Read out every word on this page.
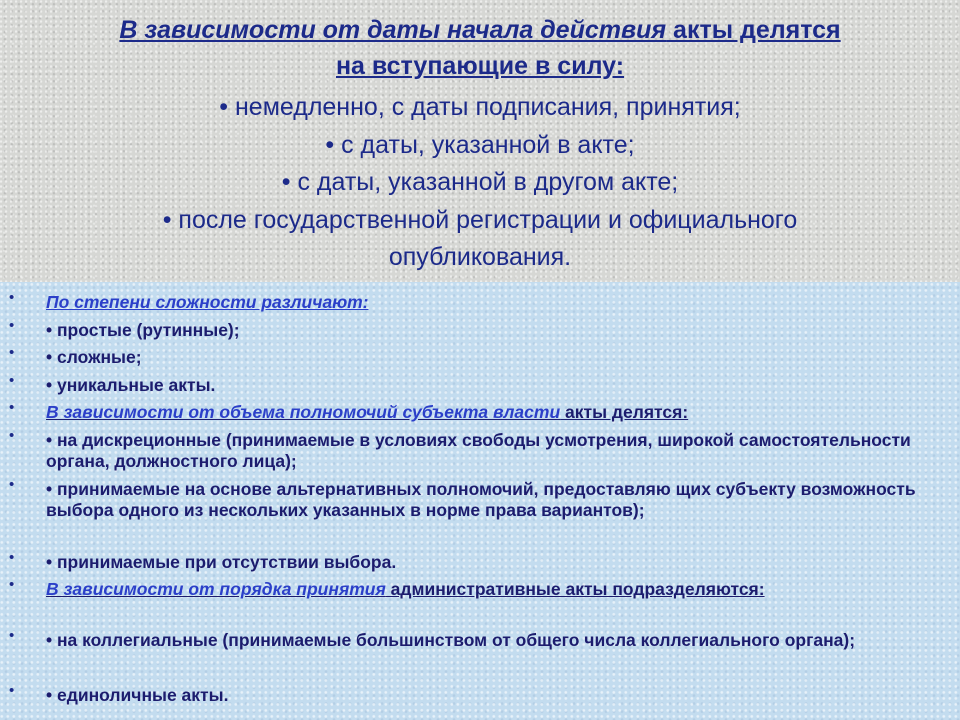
В зависимости от даты начала действия акты делятся
на вступающие в силу:
• немедленно, с даты подписания, принятия;
• с даты, указанной в акте;
• с даты, указанной в другом акте;
• после государственной регистрации и официального
опубликования.
• По степени сложности различают:
• • простые (рутинные);
• • сложные;
• • уникальные акты.
• В зависимости от объема полномочий субъекта власти акты делятся:
• • на дискреционные (принимаемые в условиях свободы усмотрения, широкой самостоятельности органа, должностного лица);
• • принимаемые на основе альтернативных полномочий, предоставляю щих субъекту возможность выбора одного из нескольких указанных в норме права вариантов);
• • принимаемые при отсутствии выбора.
• В зависимости от порядка принятия административные акты подразделяются:
• • на коллегиальные (принимаемые большинством от общего числа коллегиального органа);
• • единоличные акты.
